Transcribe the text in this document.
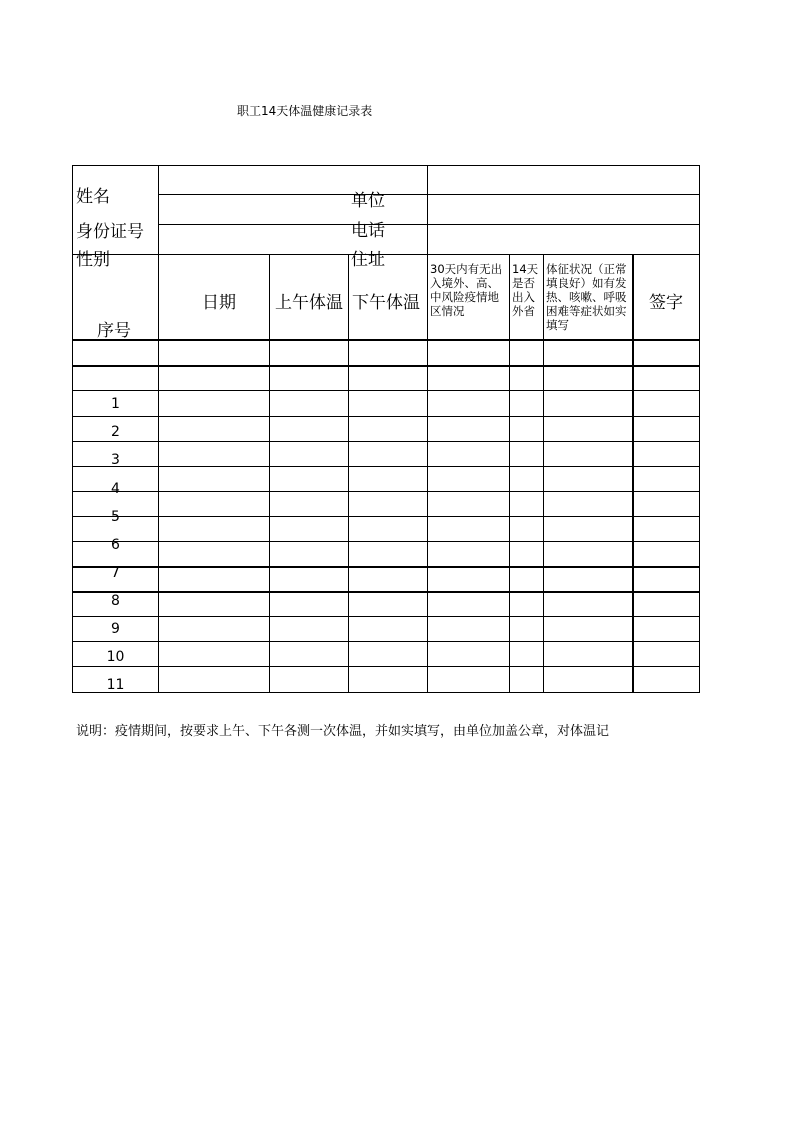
职工14天体温健康记录表
姓名
身份证号
性别
单位
电话
住址
序号
日期 上午体温 下午体温
30天内有无出入境外、高、中风险疫情地区情况
14天是否出入外省
体征状况（正常填良好）如有发热、咳嗽、呼吸困难等症状如实填写
签字
1
2
3
4
5
6
7
8
9
10
11
说明：疫情期间，按要求上午、下午各测一次体温，并如实填写，由单位加盖公章，对体温记
